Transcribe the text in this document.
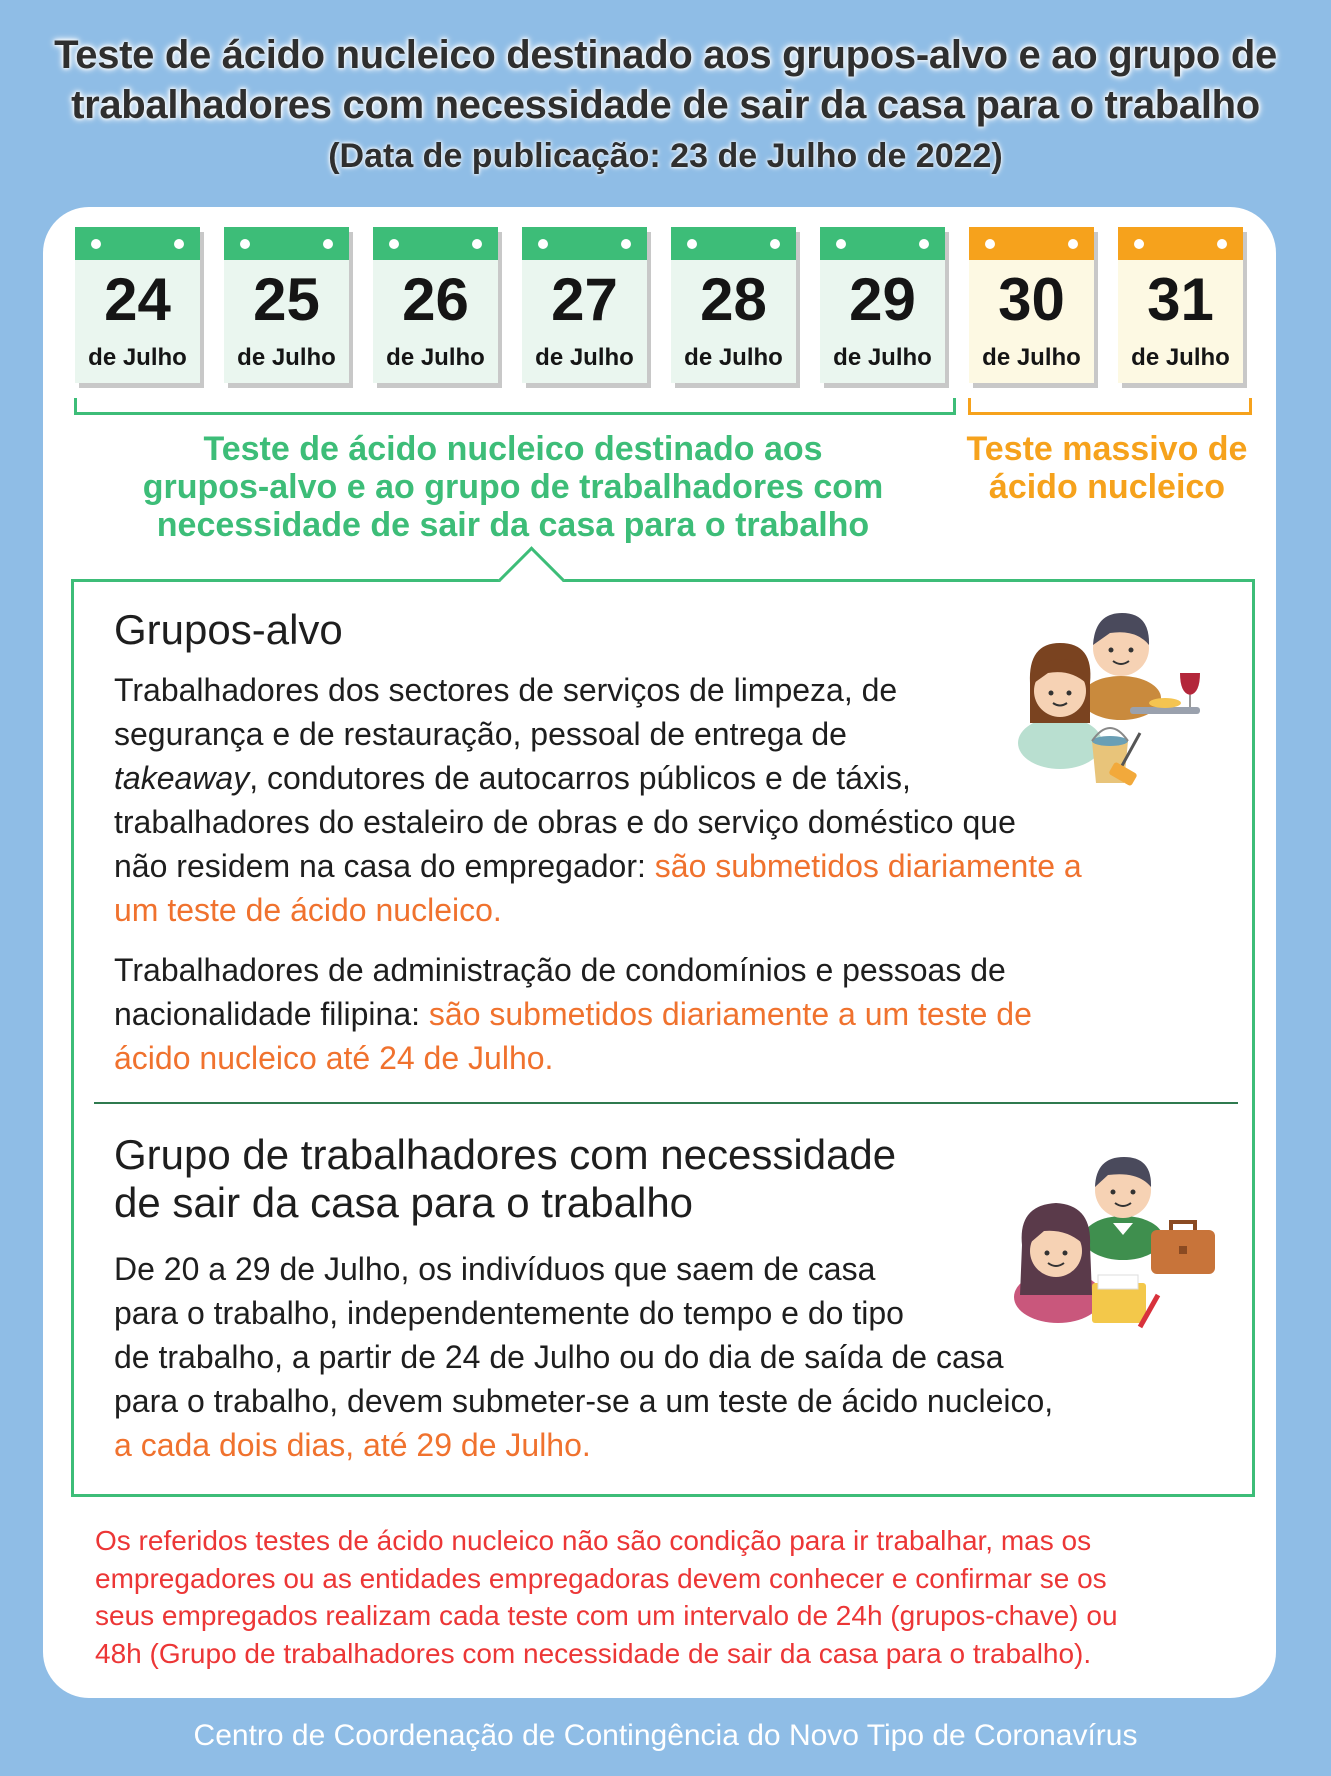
Teste de ácido nucleico destinado aos grupos-alvo e ao grupo de
trabalhadores com necessidade de sair da casa para o trabalho
(Data de publicação: 23 de Julho de 2022)
24
de Julho
25
de Julho
26
de Julho
27
de Julho
28
de Julho
29
de Julho
30
de Julho
31
de Julho
Teste de ácido nucleico destinado aos
grupos-alvo e ao grupo de trabalhadores com
necessidade de sair da casa para o trabalho
Teste massivo de
ácido nucleico
Grupos-alvo
Trabalhadores dos sectores de serviços de limpeza, de
segurança e de restauração, pessoal de entrega de
takeaway, condutores de autocarros públicos e de táxis,
trabalhadores do estaleiro de obras e do serviço doméstico que
não residem na casa do empregador: são submetidos diariamente a
um teste de ácido nucleico.
Trabalhadores de administração de condomínios e pessoas de
nacionalidade filipina: são submetidos diariamente a um teste de
ácido nucleico até 24 de Julho.
Grupo de trabalhadores com necessidade
de sair da casa para o trabalho
De 20 a 29 de Julho, os indivíduos que saem de casa
para o trabalho, independentemente do tempo e do tipo
de trabalho, a partir de 24 de Julho ou do dia de saída de casa
para o trabalho, devem submeter-se a um teste de ácido nucleico,
a cada dois dias, até 29 de Julho.
Os referidos testes de ácido nucleico não são condição para ir trabalhar, mas os
empregadores ou as entidades empregadoras devem conhecer e confirmar se os
seus empregados realizam cada teste com um intervalo de 24h (grupos-chave) ou
48h (Grupo de trabalhadores com necessidade de sair da casa para o trabalho).
Centro de Coordenação de Contingência do Novo Tipo de Coronavírus
